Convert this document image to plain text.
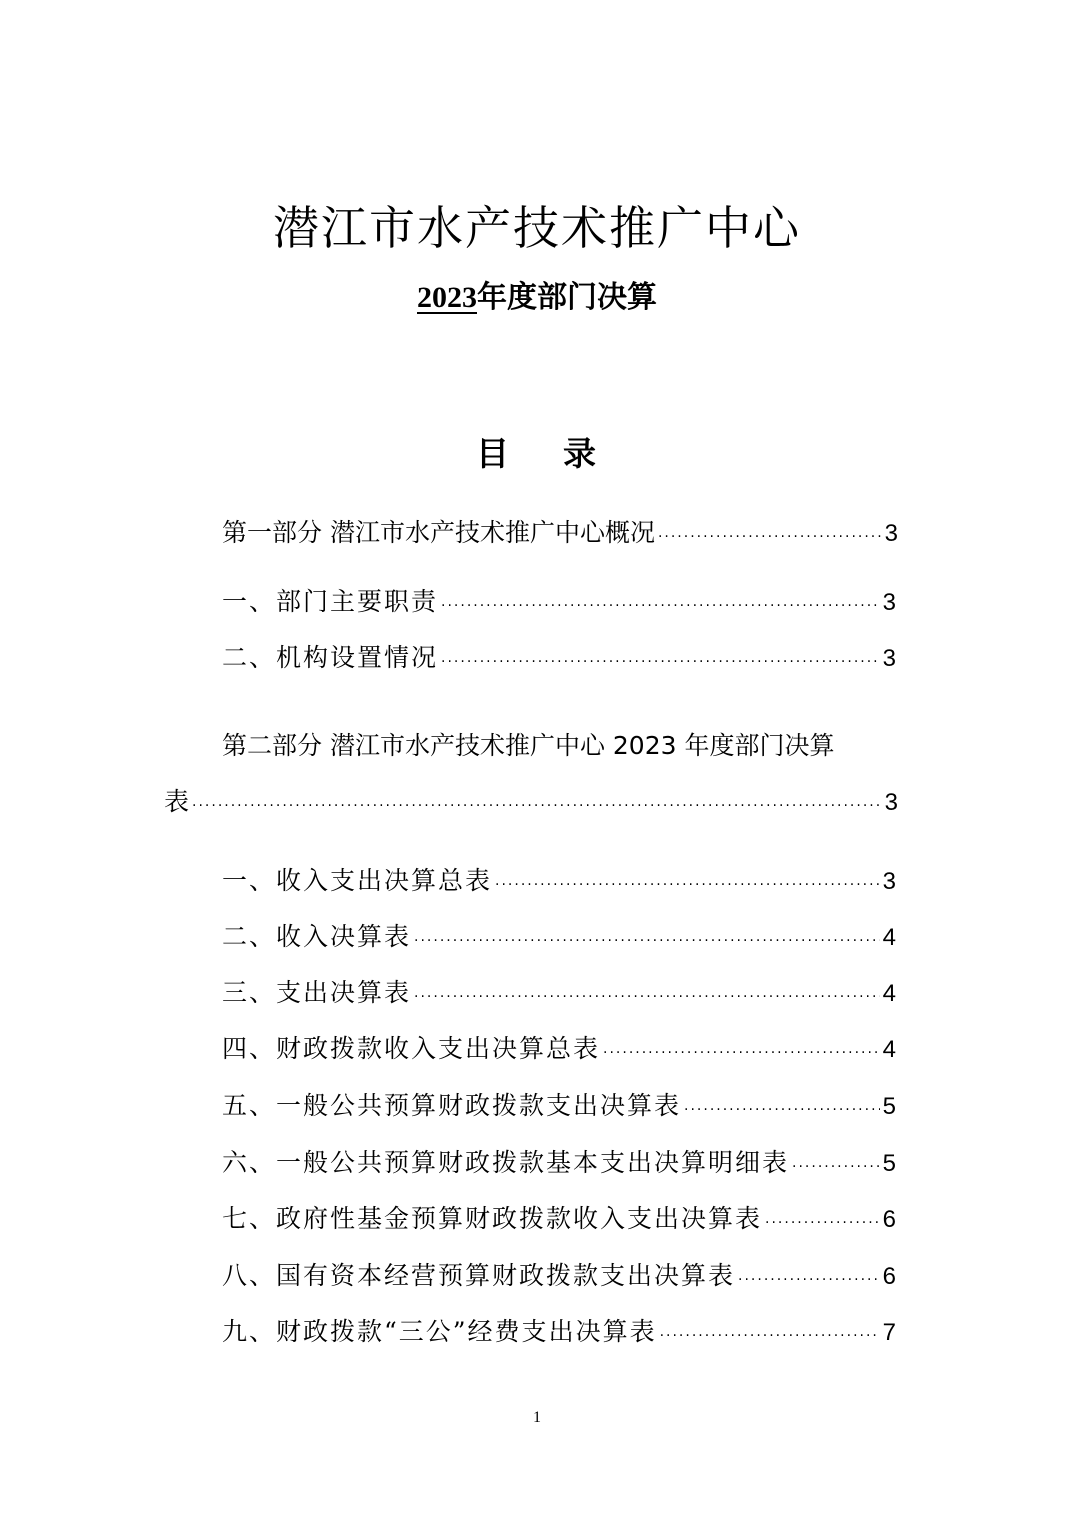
潜江市水产技术推广中心
2023年度部门决算
目 录
第一部分 潜江市水产技术推广中心概况 ·····	3
一、部门主要职责 ·····	3
二、机构设置情况 ·····	3
第二部分 潜江市水产技术推广中心 2023 年度部门决算
表 ·····	3
一、收入支出决算总表 ·····	3
二、收入决算表 ·····	4
三、支出决算表 ·····	4
四、财政拨款收入支出决算总表 ·····	4
五、一般公共预算财政拨款支出决算表 ·····	5
六、一般公共预算财政拨款基本支出决算明细表 ·····	5
七、政府性基金预算财政拨款收入支出决算表 ·····	6
八、国有资本经营预算财政拨款支出决算表 ·····	6
九、财政拨款“三公”经费支出决算表 ·····	7
1
